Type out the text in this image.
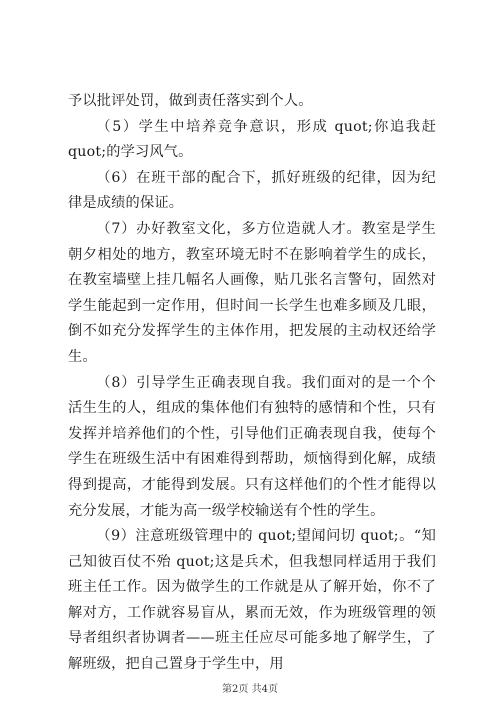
予以批评处罚，做到责任落实到个人。

（5）学生中培养竞争意识，形成 quot;你追我赶 quot;的学习风气。

（6）在班干部的配合下，抓好班级的纪律，因为纪律是成绩的保证。

（7）办好教室文化，多方位造就人才。教室是学生朝夕相处的地方，教室环境无时不在影响着学生的成长，在教室墙壁上挂几幅名人画像，贴几张名言警句，固然对学生能起到一定作用，但时间一长学生也难多顾及几眼，倒不如充分发挥学生的主体作用，把发展的主动权还给学生。

（8）引导学生正确表现自我。我们面对的是一个个活生生的人，组成的集体他们有独特的感情和个性，只有发挥并培养他们的个性，引导他们正确表现自我，使每个学生在班级生活中有困难得到帮助，烦恼得到化解，成绩得到提高，才能得到发展。只有这样他们的个性才能得以充分发展，才能为高一级学校输送有个性的学生。

（9）注意班级管理中的 quot;望闻问切 quot;。“知己知彼百仗不殆 quot;这是兵术，但我想同样适用于我们班主任工作。因为做学生的工作就是从了解开始，你不了解对方，工作就容易盲从，累而无效，作为班级管理的领导者组织者协调者——班主任应尽可能多地了解学生，了解班级，把自己置身于学生中，用

第2页 共4页
